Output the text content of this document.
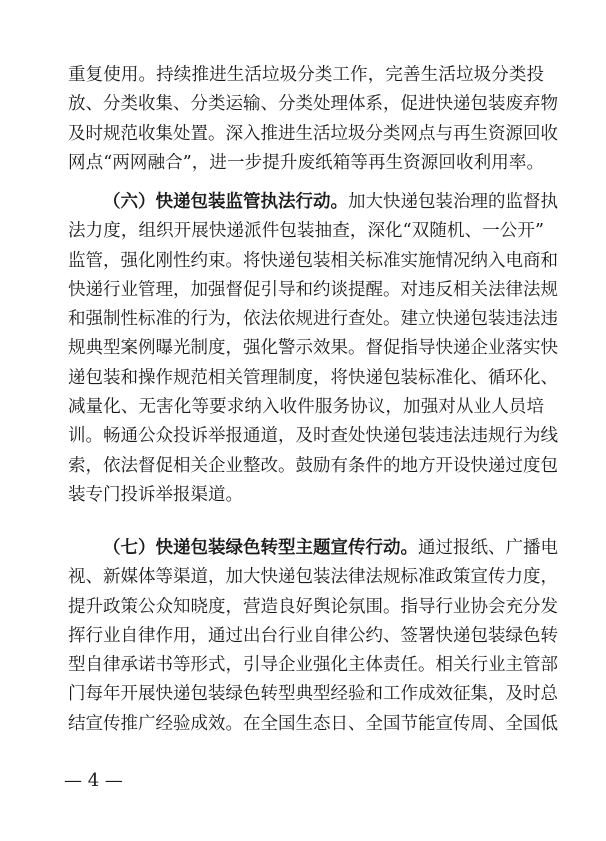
重复使用。持续推进生活垃圾分类工作，完善生活垃圾分类投
放、分类收集、分类运输、分类处理体系，促进快递包装废弃物
及时规范收集处置。深入推进生活垃圾分类网点与再生资源回收
网点“两网融合”，进一步提升废纸箱等再生资源回收利用率。
（六）快递包装监管执法行动。加大快递包装治理的监督执
法力度，组织开展快递派件包装抽查，深化“双随机、一公开”
监管，强化刚性约束。将快递包装相关标准实施情况纳入电商和
快递行业管理，加强督促引导和约谈提醒。对违反相关法律法规
和强制性标准的行为，依法依规进行查处。建立快递包装违法违
规典型案例曝光制度，强化警示效果。督促指导快递企业落实快
递包装和操作规范相关管理制度，将快递包装标准化、循环化、
减量化、无害化等要求纳入收件服务协议，加强对从业人员培
训。畅通公众投诉举报通道，及时查处快递包装违法违规行为线
索，依法督促相关企业整改。鼓励有条件的地方开设快递过度包
装专门投诉举报渠道。
（七）快递包装绿色转型主题宣传行动。通过报纸、广播电
视、新媒体等渠道，加大快递包装法律法规标准政策宣传力度，
提升政策公众知晓度，营造良好舆论氛围。指导行业协会充分发
挥行业自律作用，通过出台行业自律公约、签署快递包装绿色转
型自律承诺书等形式，引导企业强化主体责任。相关行业主管部
门每年开展快递包装绿色转型典型经验和工作成效征集，及时总
结宣传推广经验成效。在全国生态日、全国节能宣传周、全国低
— 4 —
